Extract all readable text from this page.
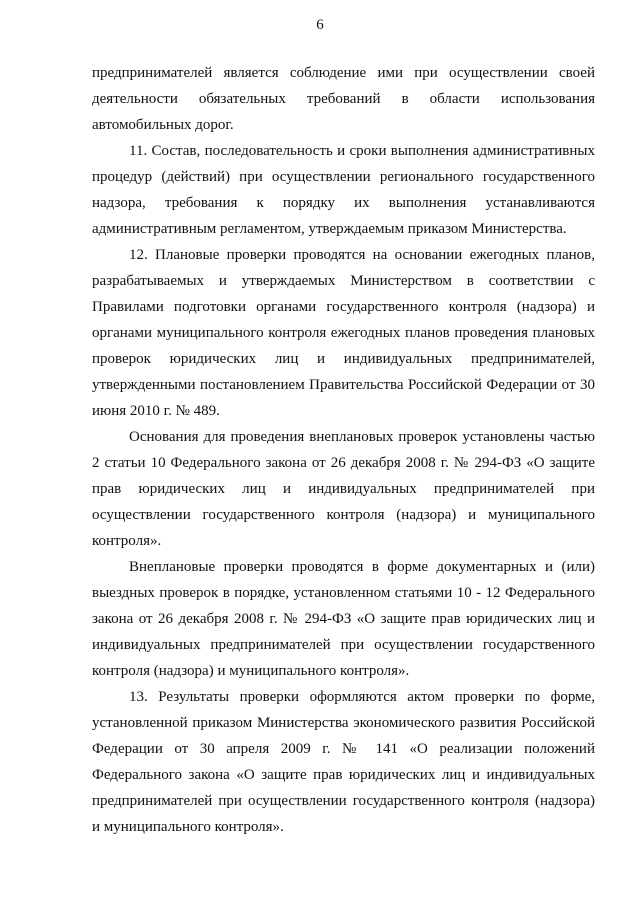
6

предпринимателей является соблюдение ими при осуществлении своей деятельности обязательных требований в области использования автомобильных дорог.

11. Состав, последовательность и сроки выполнения административных процедур (действий) при осуществлении регионального государственного надзора, требования к порядку их выполнения устанавливаются административным регламентом, утверждаемым приказом Министерства.

12. Плановые проверки проводятся на основании ежегодных планов, разрабатываемых и утверждаемых Министерством в соответствии с Правилами подготовки органами государственного контроля (надзора) и органами муниципального контроля ежегодных планов проведения плановых проверок юридических лиц и индивидуальных предпринимателей, утвержденными постановлением Правительства Российской Федерации от 30 июня 2010 г. № 489.

Основания для проведения внеплановых проверок установлены частью 2 статьи 10 Федерального закона от 26 декабря 2008 г. № 294-ФЗ «О защите прав юридических лиц и индивидуальных предпринимателей при осуществлении государственного контроля (надзора) и муниципального контроля».

Внеплановые проверки проводятся в форме документарных и (или) выездных проверок в порядке, установленном статьями 10 - 12 Федерального закона от 26 декабря 2008 г. № 294-ФЗ «О защите прав юридических лиц и индивидуальных предпринимателей при осуществлении государственного контроля (надзора) и муниципального контроля».

13. Результаты проверки оформляются актом проверки по форме, установленной приказом Министерства экономического развития Российской Федерации от 30 апреля 2009 г. № 141 «О реализации положений Федерального закона «О защите прав юридических лиц и индивидуальных предпринимателей при осуществлении государственного контроля (надзора) и муниципального контроля».
